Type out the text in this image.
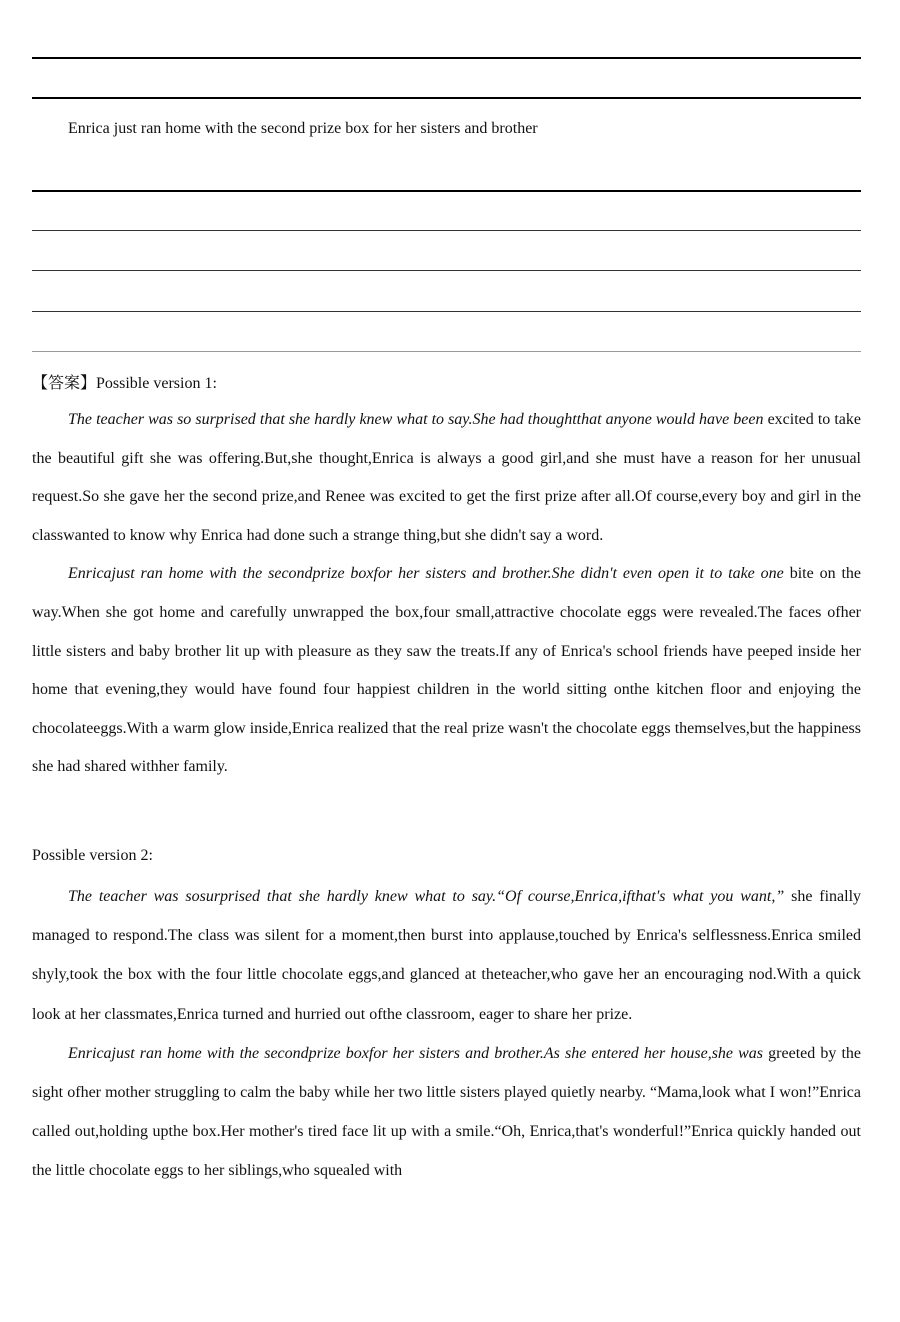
Enrica just ran home with the second prize box for her sisters and brother
【答案】Possible version 1:

The teacher was so surprised that she hardly knew what to say.She had thoughtthat anyone would have been excited to take the beautiful gift she was offering.But,she thought,Enrica is always a good girl,and she must have a reason for her unusual request.So she gave her the second prize,and Renee was excited to get the first prize after all.Of course,every boy and girl in the classwanted to know why Enrica had done such a strange thing,but she didn't say a word.

Enricajust ran home with the secondprize boxfor her sisters and brother.She didn't even open it to take one bite on the way.When she got home and carefully unwrapped the box,four small,attractive chocolate eggs were revealed.The faces ofher little sisters and baby brother lit up with pleasure as they saw the treats.If any of Enrica's school friends have peeped inside her home that evening,they would have found four happiest children in the world sitting onthe kitchen floor and enjoying the chocolateeggs.With a warm glow inside,Enrica realized that the real prize wasn't the chocolate eggs themselves,but the happiness she had shared withher family.

Possible version 2:

The teacher was sosurprised that she hardly knew what to say.“Of course,Enrica,ifthat's what you want,” she finally managed to respond.The class was silent for a moment,then burst into applause,touched by Enrica's selflessness.Enrica smiled shyly,took the box with the four little chocolate eggs,and glanced at theteacher,who gave her an encouraging nod.With a quick look at her classmates,Enrica turned and hurried out ofthe classroom, eager to share her prize.

Enricajust ran home with the secondprize boxfor her sisters and brother.As she entered her house,she was greeted by the sight ofher mother struggling to calm the baby while her two little sisters played quietly nearby. “Mama,look what I won!”Enrica called out,holding upthe box.Her mother's tired face lit up with a smile.“Oh, Enrica,that's wonderful!”Enrica quickly handed out the little chocolate eggs to her siblings,who squealed with
